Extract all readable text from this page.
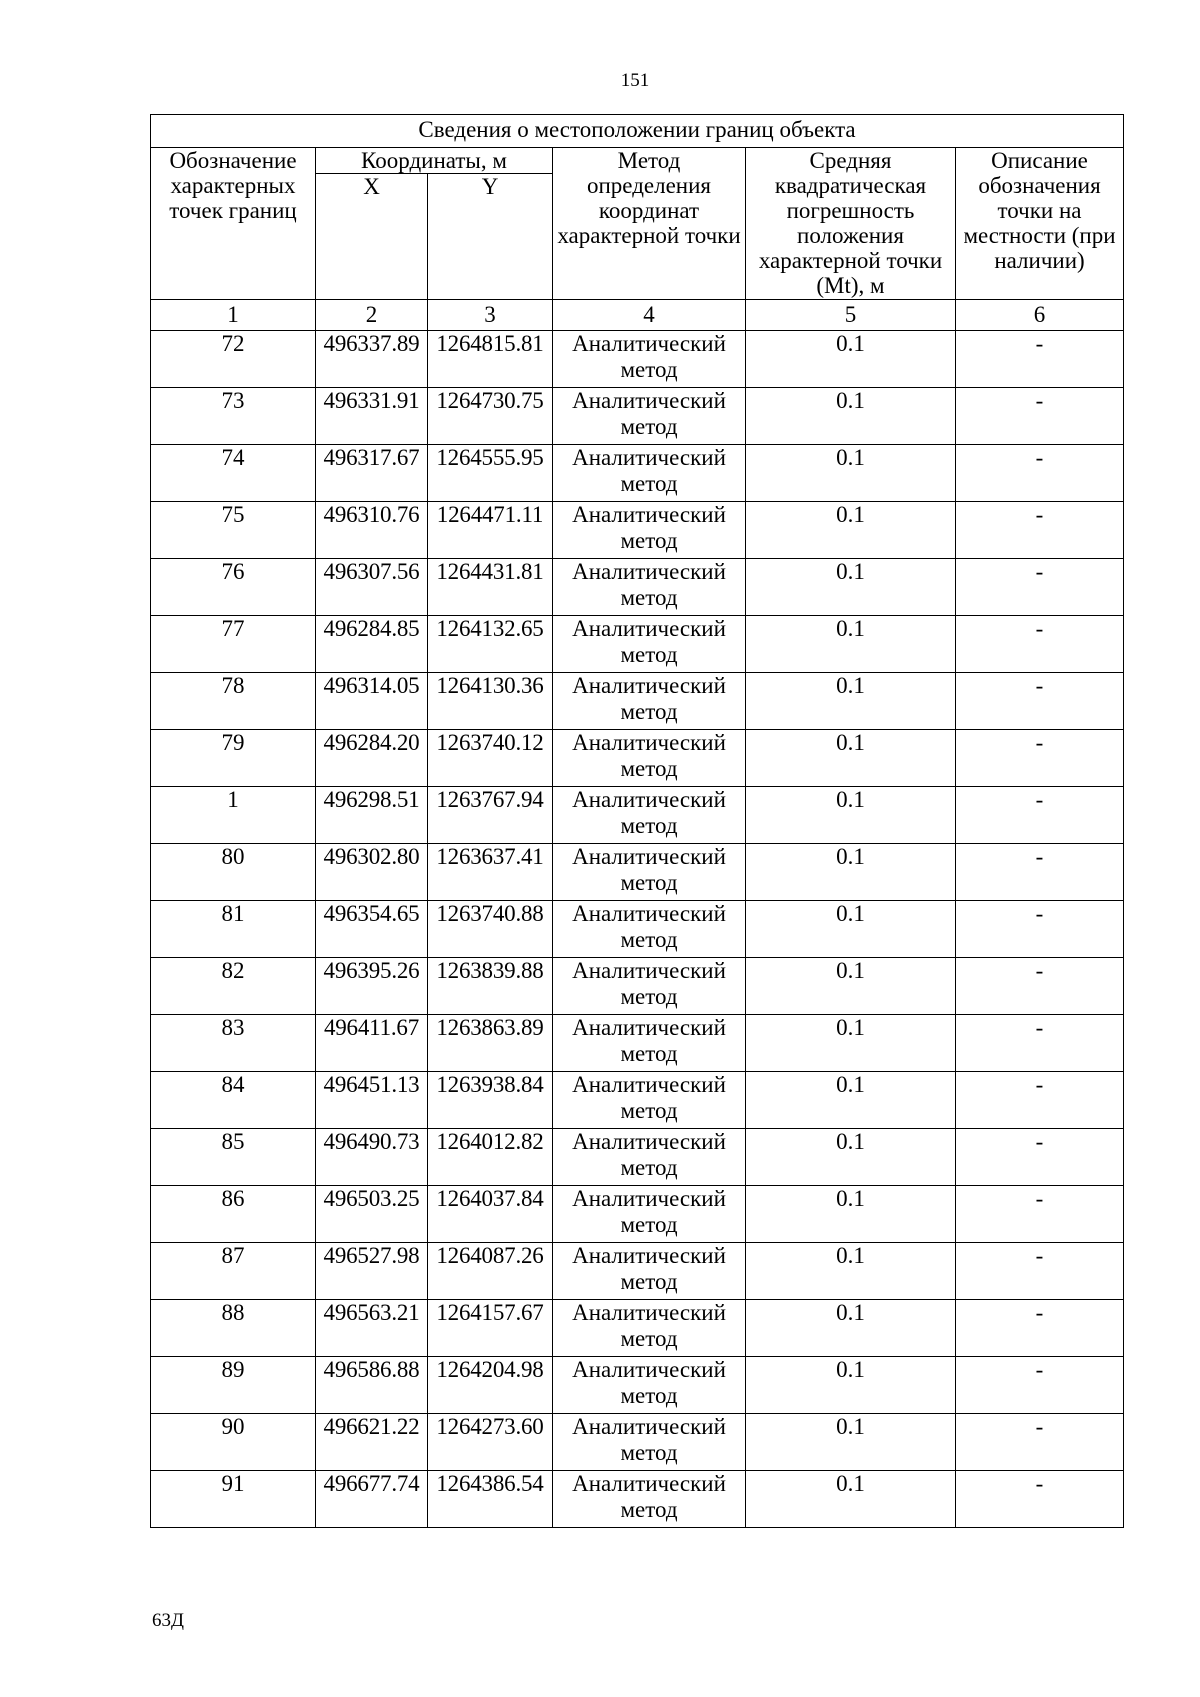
151
Сведения о местоположении границ объекта					
Обозначение характерных точек границ	Координаты, м		Метод определения координат характерной точки	Средняя квадратическая погрешность положения характерной точки (Mt), м	Описание обозначения точки на местности (при наличии)
	X	Y			
1	2	3	4	5	6
72	496337.89	1264815.81	Аналитический метод	0.1	-
73	496331.91	1264730.75	Аналитический метод	0.1	-
74	496317.67	1264555.95	Аналитический метод	0.1	-
75	496310.76	1264471.11	Аналитический метод	0.1	-
76	496307.56	1264431.81	Аналитический метод	0.1	-
77	496284.85	1264132.65	Аналитический метод	0.1	-
78	496314.05	1264130.36	Аналитический метод	0.1	-
79	496284.20	1263740.12	Аналитический метод	0.1	-
1	496298.51	1263767.94	Аналитический метод	0.1	-
80	496302.80	1263637.41	Аналитический метод	0.1	-
81	496354.65	1263740.88	Аналитический метод	0.1	-
82	496395.26	1263839.88	Аналитический метод	0.1	-
83	496411.67	1263863.89	Аналитический метод	0.1	-
84	496451.13	1263938.84	Аналитический метод	0.1	-
85	496490.73	1264012.82	Аналитический метод	0.1	-
86	496503.25	1264037.84	Аналитический метод	0.1	-
87	496527.98	1264087.26	Аналитический метод	0.1	-
88	496563.21	1264157.67	Аналитический метод	0.1	-
89	496586.88	1264204.98	Аналитический метод	0.1	-
90	496621.22	1264273.60	Аналитический метод	0.1	-
91	496677.74	1264386.54	Аналитический метод	0.1	-
63Д
